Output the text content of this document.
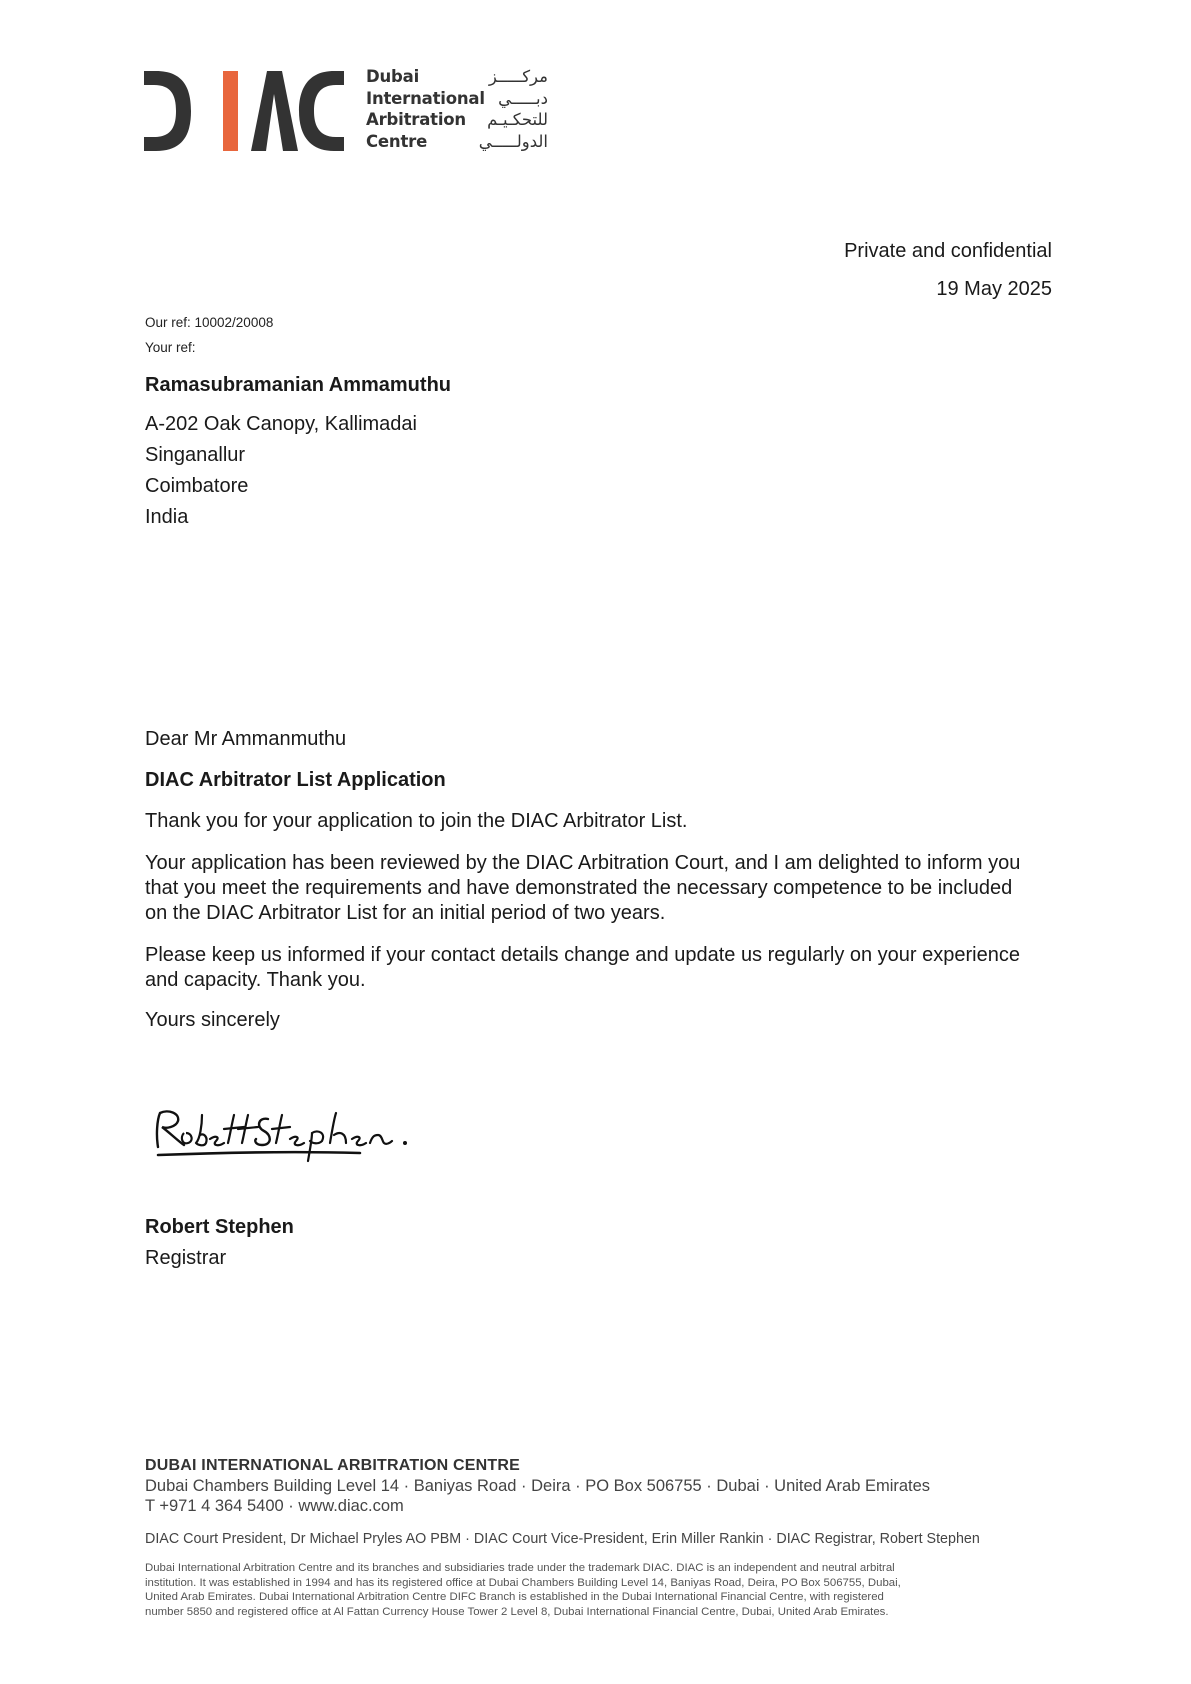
Dubai
International
Arbitration
Centre
مركـــــز
دبـــــي
للتحكـيـم
الدولـــــي
Private and confidential
19 May 2025
Our ref: 10002/20008
Your ref:
Ramasubramanian Ammamuthu
A-202 Oak Canopy, Kallimadai
Singanallur
Coimbatore
India
Dear Mr Ammanmuthu
DIAC Arbitrator List Application
Thank you for your application to join the DIAC Arbitrator List.
Your application has been reviewed by the DIAC Arbitration Court, and I am delighted to inform you that you meet the requirements and have demonstrated the necessary competence to be included on the DIAC Arbitrator List for an initial period of two years.
Please keep us informed if your contact details change and update us regularly on your experience and capacity. Thank you.
Yours sincerely
Robert Stephen
Registrar
DUBAI INTERNATIONAL ARBITRATION CENTRE
Dubai Chambers Building Level 14 · Baniyas Road · Deira · PO Box 506755 · Dubai · United Arab Emirates
T +971 4 364 5400 · www.diac.com
DIAC Court President, Dr Michael Pryles AO PBM · DIAC Court Vice-President, Erin Miller Rankin · DIAC Registrar, Robert Stephen
Dubai International Arbitration Centre and its branches and subsidiaries trade under the trademark DIAC. DIAC is an independent and neutral arbitral
institution. It was established in 1994 and has its registered office at Dubai Chambers Building Level 14, Baniyas Road, Deira, PO Box 506755, Dubai,
United Arab Emirates. Dubai International Arbitration Centre DIFC Branch is established in the Dubai International Financial Centre, with registered
number 5850 and registered office at Al Fattan Currency House Tower 2 Level 8, Dubai International Financial Centre, Dubai, United Arab Emirates.
